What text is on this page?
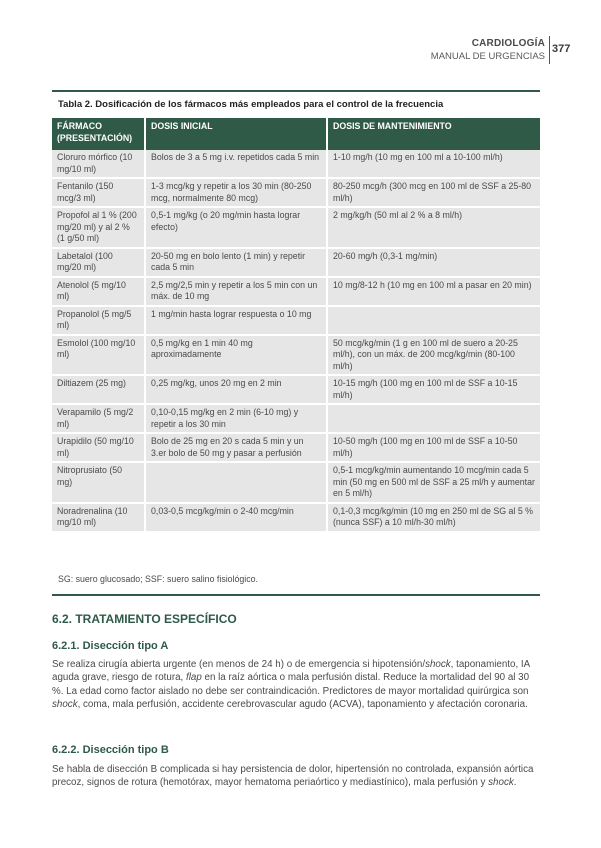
CARDIOLOGÍA
MANUAL DE URGENCIAS
377
Tabla 2. Dosificación de los fármacos más empleados para el control de la frecuencia
FÁRMACO (PRESENTACIÓN)	DOSIS INICIAL	DOSIS DE MANTENIMIENTO
Cloruro mórfico (10 mg/10 ml)	Bolos de 3 a 5 mg i.v. repetidos cada 5 min	1-10 mg/h (10 mg en 100 ml a 10-100 ml/h)
Fentanilo (150 mcg/3 ml)	1-3 mcg/kg y repetir a los 30 min (80-250 mcg, normalmente 80 mcg)	80-250 mcg/h (300 mcg en 100 ml de SSF a 25-80 ml/h)
Propofol al 1 % (200 mg/20 ml) y al 2 % (1 g/50 ml)	0,5-1 mg/kg (o 20 mg/min hasta lograr efecto)	2 mg/kg/h (50 ml al 2 % a 8 ml/h)
Labetalol (100 mg/20 ml)	20-50 mg en bolo lento (1 min) y repetir cada 5 min	20-60 mg/h (0,3-1 mg/min)
Atenolol (5 mg/10 ml)	2,5 mg/2,5 min y repetir a los 5 min con un máx. de 10 mg	10 mg/8-12 h (10 mg en 100 ml a pasar en 20 min)
Propanolol (5 mg/5 ml)	1 mg/min hasta lograr respuesta o 10 mg	
Esmolol (100 mg/10 ml)	0,5 mg/kg en 1 min 40 mg aproximadamente	50 mcg/kg/min (1 g en 100 ml de suero a 20-25 ml/h), con un máx. de 200 mcg/kg/min (80-100 ml/h)
Diltiazem (25 mg)	0,25 mg/kg, unos 20 mg en 2 min	10-15 mg/h (100 mg en 100 ml de SSF a 10-15 ml/h)
Verapamilo (5 mg/2 ml)	0,10-0,15 mg/kg en 2 min (6-10 mg) y repetir a los 30 min	
Urapidilo (50 mg/10 ml)	Bolo de 25 mg en 20 s cada 5 min y un 3.er bolo de 50 mg y pasar a perfusión	10-50 mg/h (100 mg en 100 ml de SSF a 10-50 ml/h)
Nitroprusiato (50 mg)		0,5-1 mcg/kg/min aumentando 10 mcg/min cada 5 min (50 mg en 500 ml de SSF a 25 ml/h y aumentar en 5 ml/h)
Noradrenalina (10 mg/10 ml)	0,03-0,5 mcg/kg/min o 2-40 mcg/min	0,1-0,3 mcg/kg/min (10 mg en 250 ml de SG al 5 % (nunca SSF) a 10 ml/h-30 ml/h)
SG: suero glucosado; SSF: suero salino fisiológico.
6.2. TRATAMIENTO ESPECÍFICO
6.2.1. Disección tipo A
Se realiza cirugía abierta urgente (en menos de 24 h) o de emergencia si hipotensión/shock, taponamiento, IA aguda grave, riesgo de rotura, flap en la raíz aórtica o mala perfusión distal. Reduce la mortalidad del 90 al 30 %. La edad como factor aislado no debe ser contraindicación. Predictores de mayor mortalidad quirúrgica son shock, coma, mala perfusión, accidente cerebrovascular agudo (ACVA), taponamiento y afectación coronaria.
6.2.2. Disección tipo B
Se habla de disección B complicada si hay persistencia de dolor, hipertensión no controlada, expansión aórtica precoz, signos de rotura (hemotórax, mayor hematoma periaórtico y mediastínico), mala perfusión y shock.
